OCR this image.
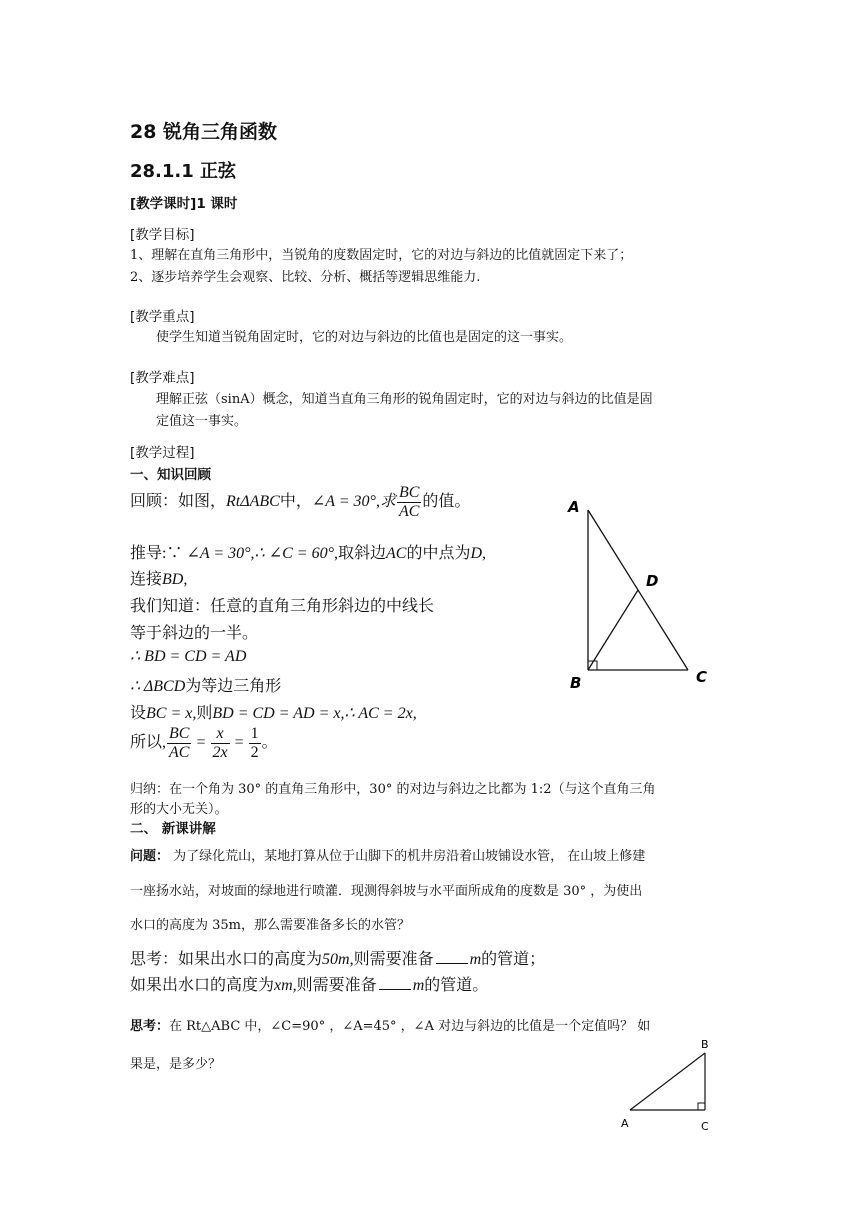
28 锐角三角函数
28.1.1 正弦
[教学课时]1 课时
[教学目标]
1、理解在直角三角形中，当锐角的度数固定时，它的对边与斜边的比值就固定下来了；
2、逐步培养学生会观察、比较、分析、概括等逻辑思维能力.
[教学重点]
使学生知道当锐角固定时，它的对边与斜边的比值也是固定的这一事实。
[教学难点]
理解正弦（sinA）概念，知道当直角三角形的锐角固定时，它的对边与斜边的比值是固
定值这一事实。
[教学过程]
一、知识回顾
回顾：如图，RtΔABC中，∠A = 30°,求 $\frac{BC}{AC}$ 的值。
推导:∵ ∠A = 30°,∴ ∠C = 60°,取斜边AC的中点为D,
连接BD,
我们知道：任意的直角三角形斜边的中线长
等于斜边的一半。
∴ BD = CD = AD
∴ ΔBCD为等边三角形
设BC = x,则BD = CD = AD = x,∴ AC = 2x,
所以, $\frac{BC}{AC} = \frac{x}{2x} = \frac{1}{2}$ 。
归纳：在一个角为 30° 的直角三角形中，30° 的对边与斜边之比都为 1:2（与这个直角三角
形的大小无关）。
二、 新课讲解
问题： 为了绿化荒山，某地打算从位于山脚下的机井房沿着山坡铺设水管， 在山坡上修建
一座扬水站，对坡面的绿地进行喷灌．现测得斜坡与水平面所成角的度数是 30° ，为使出
水口的高度为 35m，那么需要准备多长的水管？
思考：如果出水口的高度为50m,则需要准备 m的管道；
如果出水口的高度为xm,则需要准备 m的管道。
思考：在 Rt△ABC 中，∠C=90° ，∠A=45° ，∠A 对边与斜边的比值是一个定值吗？ 如
果是，是多少？
A
B	C
D
A
B
C
